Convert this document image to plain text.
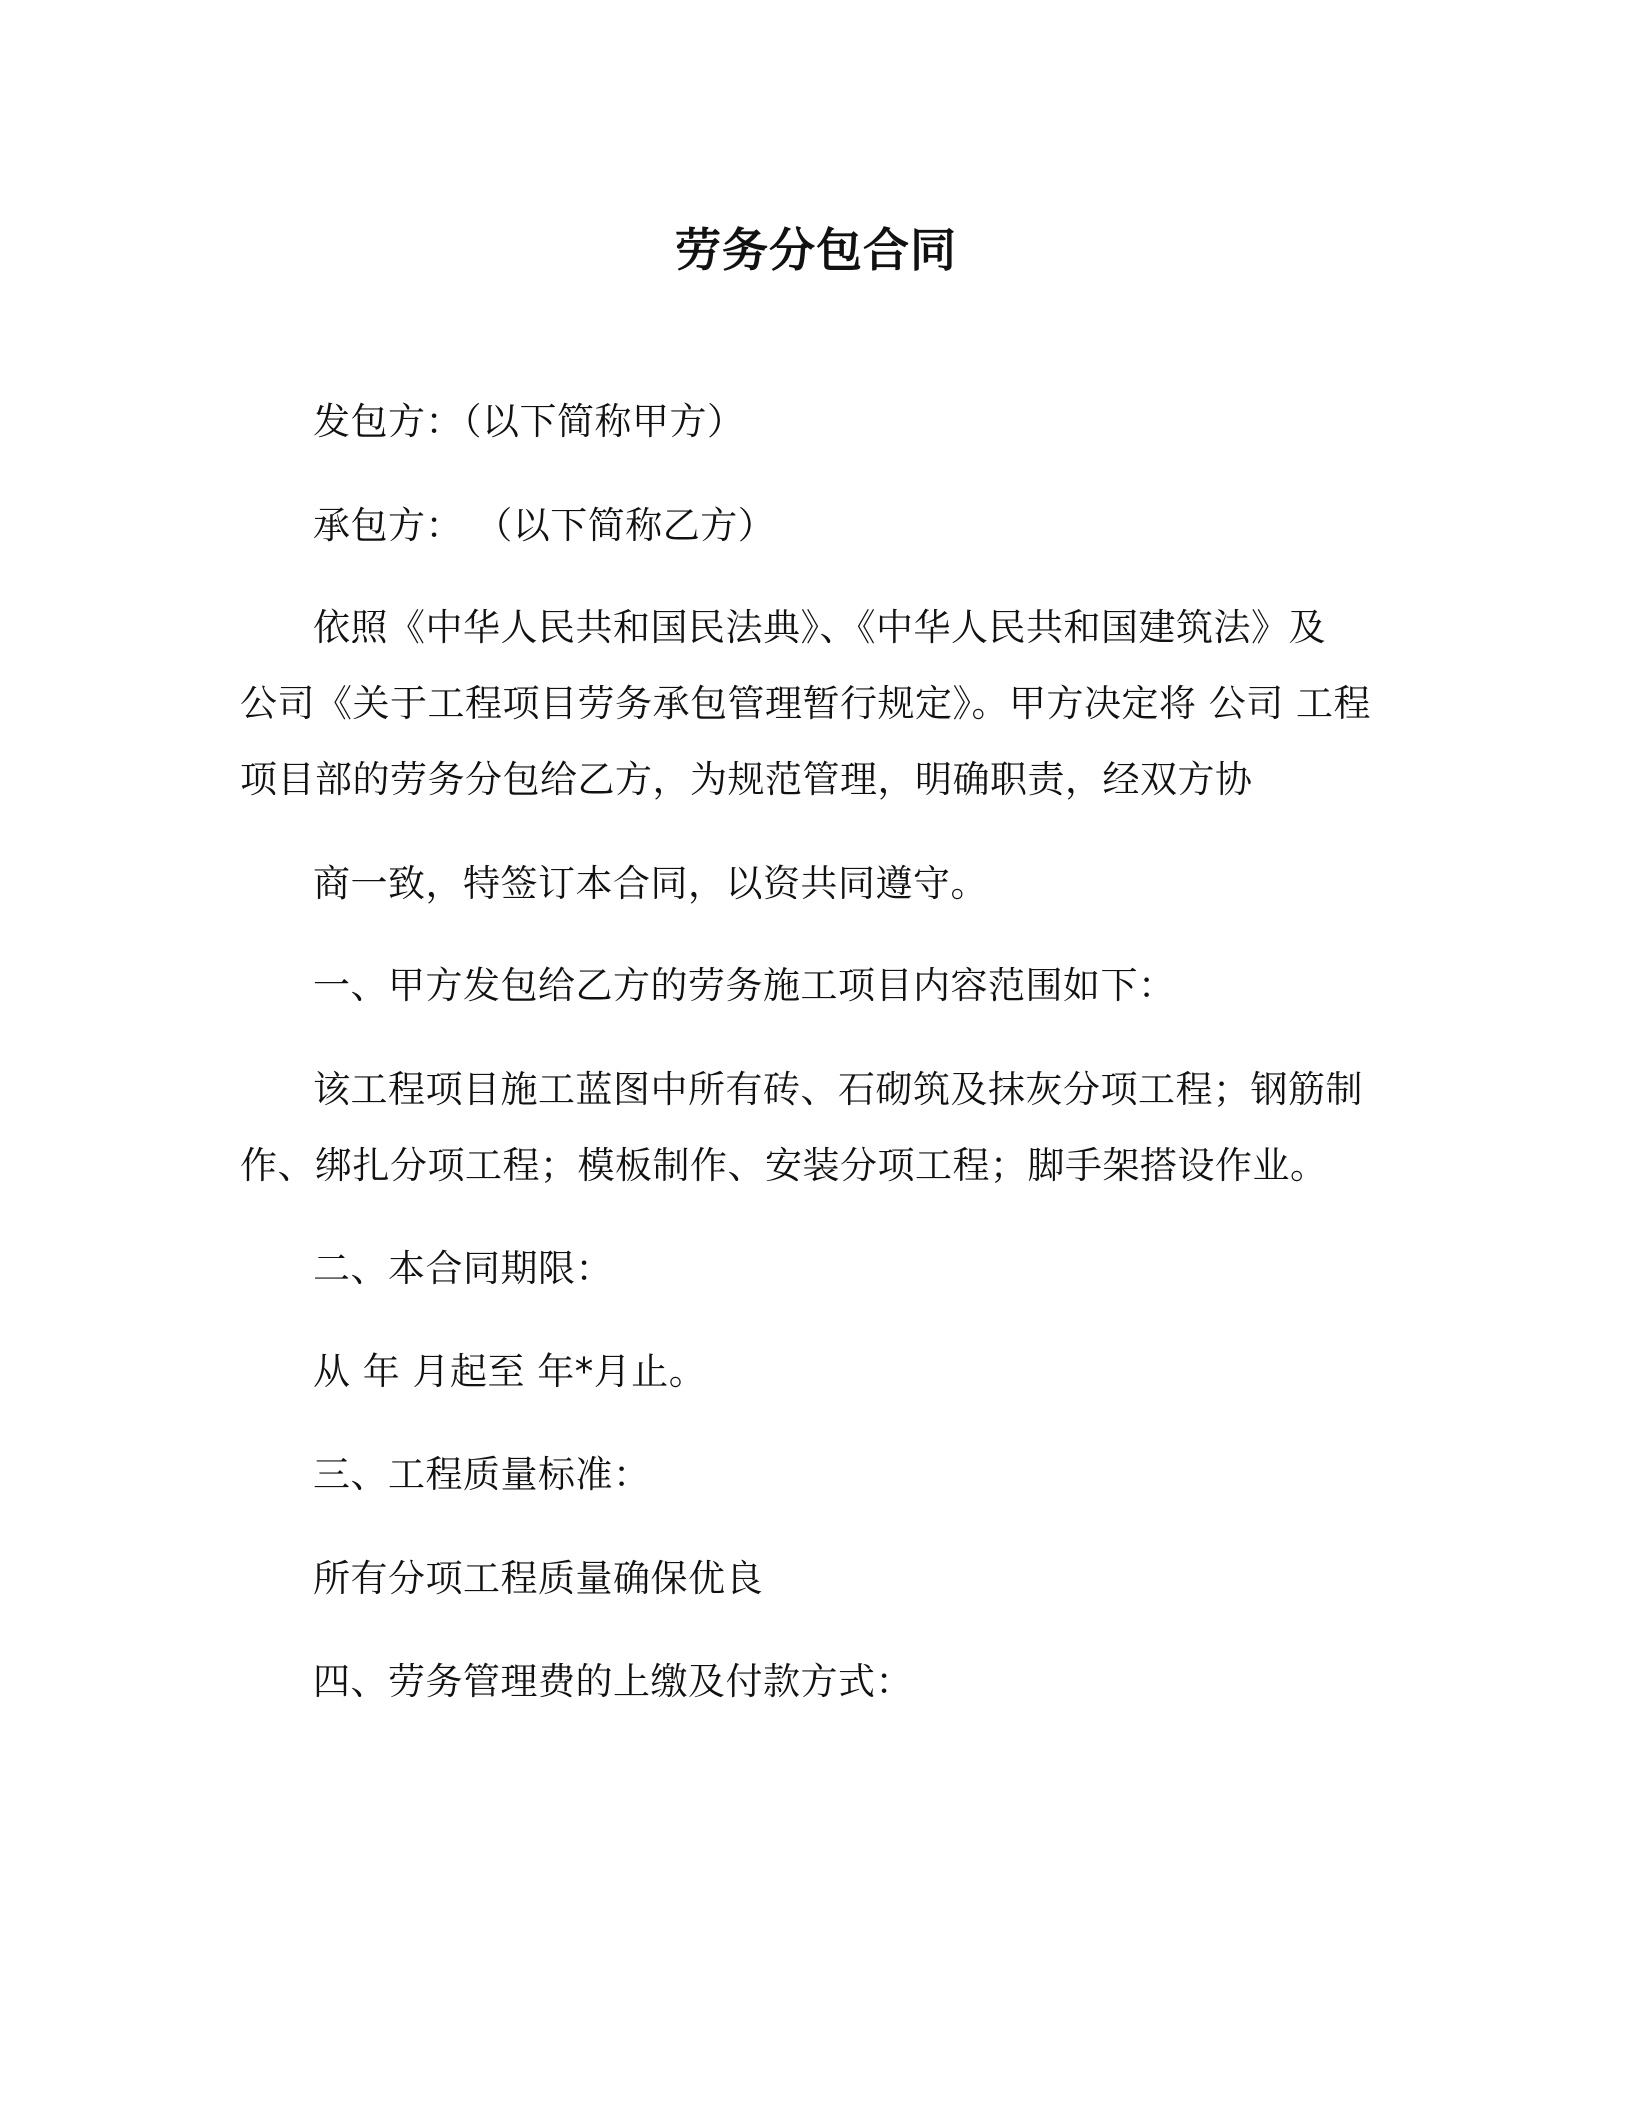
劳务分包合同
发包方：（以下简称甲方）
承包方： （以下简称乙方）
依照《中华人民共和国民法典》、《中华人民共和国建筑法》及
公司《关于工程项目劳务承包管理暂行规定》。甲方决定将 公司 工程
项目部的劳务分包给乙方，为规范管理，明确职责，经双方协
商一致，特签订本合同，以资共同遵守。
一、甲方发包给乙方的劳务施工项目内容范围如下：
该工程项目施工蓝图中所有砖、石砌筑及抹灰分项工程；钢筋制
作、绑扎分项工程；模板制作、安装分项工程；脚手架搭设作业。
二、本合同期限：
从 年 月起至 年*月止。
三、工程质量标准：
所有分项工程质量确保优良
四、劳务管理费的上缴及付款方式：
